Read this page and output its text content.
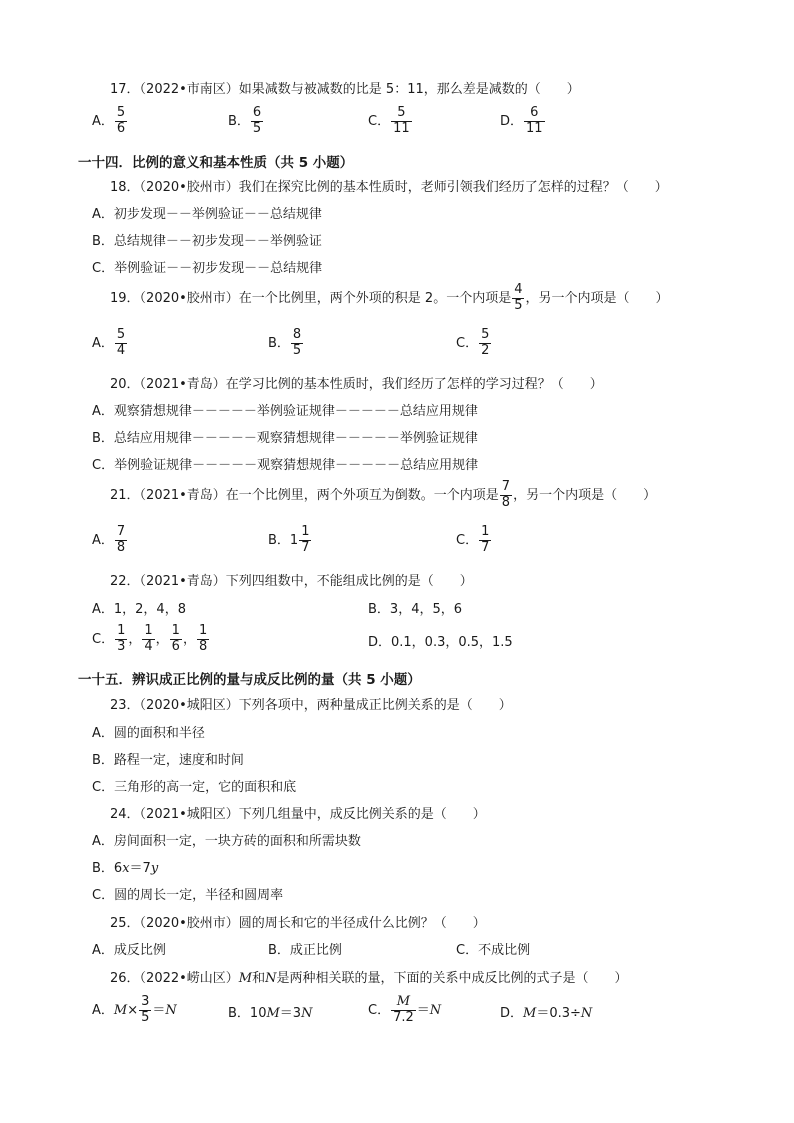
17．（2022•市南区）如果减数与被减数的比是 5：11，那么差是减数的（　　）
A． $\frac{5}{6}$	B． $\frac{6}{5}$	C． $\frac{5}{11}$	D． $\frac{6}{11}$
一十四．比例的意义和基本性质（共 5 小题）
18．（2020•胶州市）我们在探究比例的基本性质时，老师引领我们经历了怎样的过程？（　　）
A．初步发现－－举例验证－－总结规律
B．总结规律－－初步发现－－举例验证
C．举例验证－－初步发现－－总结规律
19．（2020•胶州市）在一个比例里，两个外项的积是 2。一个内项是 $\frac{4}{5}$ ，另一个内项是（　　）
A． $\frac{5}{4}$	B． $\frac{8}{5}$	C． $\frac{5}{2}$
20．（2021•青岛）在学习比例的基本性质时，我们经历了怎样的学习过程？（　　）
A．观察猜想规律－－－－－举例验证规律－－－－－总结应用规律
B．总结应用规律－－－－－观察猜想规律－－－－－举例验证规律
C．举例验证规律－－－－－观察猜想规律－－－－－总结应用规律
21．（2021•青岛）在一个比例里，两个外项互为倒数。一个内项是 $\frac{7}{8}$ ，另一个内项是（　　）
A． $\frac{7}{8}$	B．$1 \frac{1}{7}$	C． $\frac{1}{7}$
22．（2021•青岛）下列四组数中，不能组成比例的是（　　）
A．1，2，4，8	B．3，4，5，6
C． $\frac{1}{3}$ ， $\frac{1}{4}$ ， $\frac{1}{6}$ ， $\frac{1}{8}$	D．0.1，0.3，0.5，1.5
一十五．辨识成正比例的量与成反比例的量（共 5 小题）
23．（2020•城阳区）下列各项中，两种量成正比例关系的是（　　）
A．圆的面积和半径
B．路程一定，速度和时间
C．三角形的高一定，它的面积和底
24．（2021•城阳区）下列几组量中，成反比例关系的是（　　）
A．房间面积一定，一块方砖的面积和所需块数
B．6x＝7y
C．圆的周长一定，半径和圆周率
25．（2020•胶州市）圆的周长和它的半径成什么比例？（　　）
A．成反比例	B．成正比例	C．不成比例
26．（2022•崂山区）M和N是两种相关联的量，下面的关系中成反比例的式子是（　　）
A．$M\times \frac{3}{5} =N$	B．10M＝3N	C． $\frac{M}{7.2} =N$	D．M＝0.3÷N
